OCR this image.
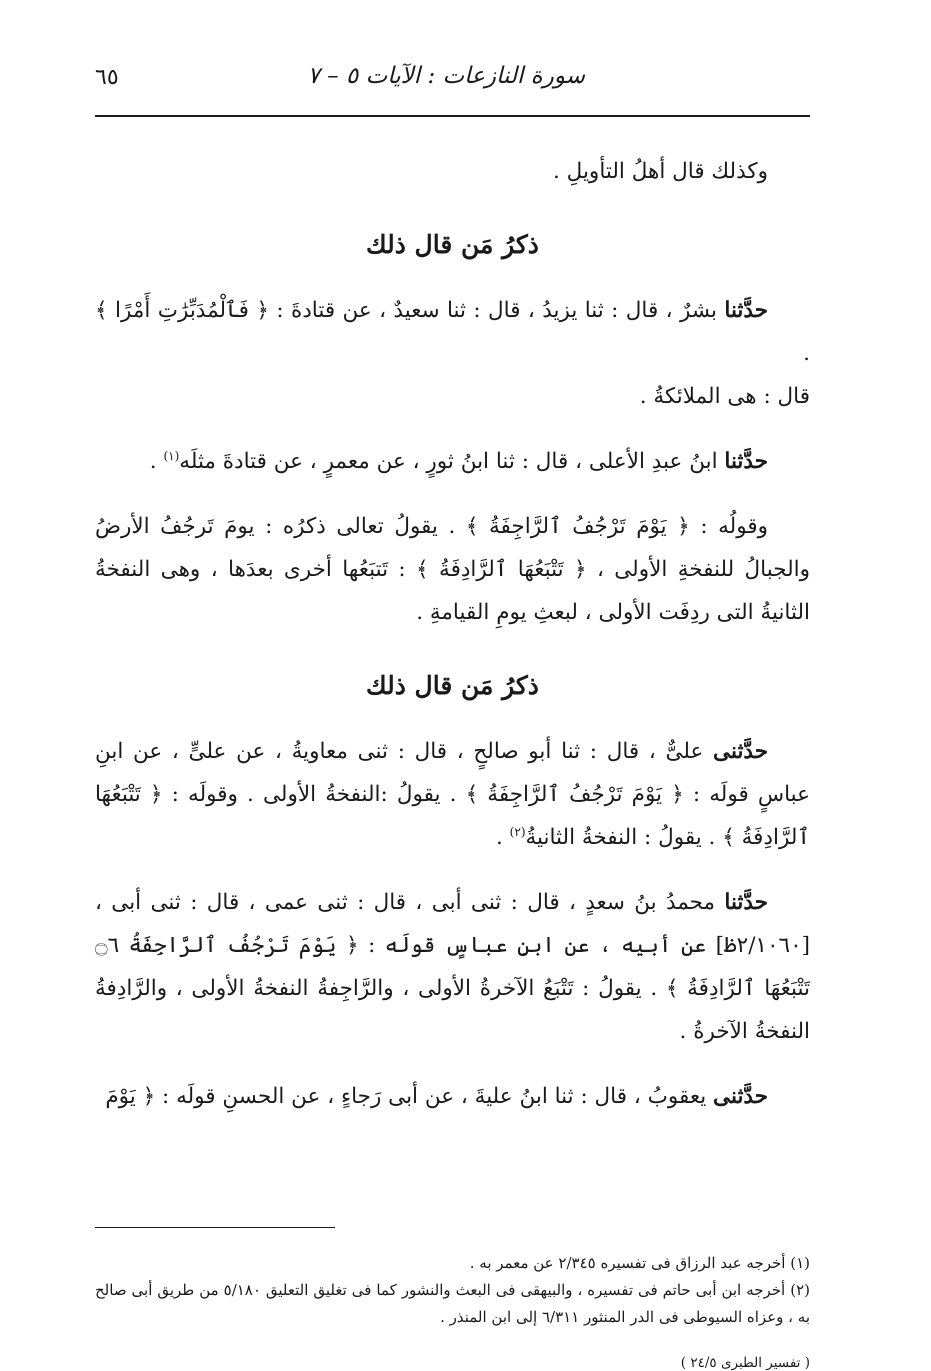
سورة النازعات : الآيات ٥ – ٧
٦٥

وكذلك قال أهلُ التأويلِ .

ذكرُ مَن قال ذلك

حدَّثنا بشرٌ ، قال : ثنا يزيدُ ، قال : ثنا سعيدٌ ، عن قتادةَ : ﴿ فَٱلْمُدَبِّرَٰتِ أَمْرًا ﴾ .

قال : هى الملائكةُ .

حدَّثنا ابنُ عبدِ الأعلى ، قال : ثنا ابنُ ثورٍ ، عن معمرٍ ، عن قتادةَ مثلَه$^{(١)}$ .

وقولُه : ﴿ يَوْمَ تَرْجُفُ ٱلرَّاجِفَةُ ﴾ . يقولُ تعالى ذكرُه : يومَ تَرجُفُ الأرضُ والجبالُ للنفخةِ الأولى ، ﴿ تَتْبَعُهَا ٱلرَّادِفَةُ ﴾ : تَتبَعُها أخرى بعدَها ، وهى النفخةُ الثانيةُ التى ردِفَت الأولى ، لبعثِ يومِ القيامةِ .

ذكرُ مَن قال ذلك

حدَّثنى علىٌّ ، قال : ثنا أبو صالحٍ ، قال : ثنى معاويةُ ، عن علىٍّ ، عن ابنِ عباسٍ قولَه : ﴿ يَوْمَ تَرْجُفُ ٱلرَّاجِفَةُ ﴾ . يقولُ :النفخةُ الأولى . وقولَه : ﴿ تَتْبَعُهَا ٱلرَّادِفَةُ ﴾ . يقولُ : النفخةُ الثانيةُ$^{(٢)}$ .

حدَّثنا محمدُ بنُ سعدٍ ، قال : ثنى أبى ، قال : ثنى عمى ، قال : ثنى أبى ، [٢/١٠٦٠ظ] عن أبيه ، عن ابنِ عباسٍ قولَه : ﴿ يَوْمَ تَرْجُفُ ٱلرَّاجِفَةُ ۝٦ تَتْبَعُهَا ٱلرَّادِفَةُ ﴾ . يقولُ : تَتْبَعُ الآخرةُ الأولى ، والرَّاجِفةُ النفخةُ الأولى ، والرَّادِفةُ النفخةُ الآخرةُ .

حدَّثنى يعقوبُ ، قال : ثنا ابنُ عليةَ ، عن أبى رَجاءٍ ، عن الحسنِ قولَه : ﴿ يَوْمَ

(١) أخرجه عبد الرزاق فى تفسيره ٢/٣٤٥ عن معمر به .

(٢) أخرجه ابن أبى حاتم فى تفسيره ، والبيهقى فى البعث والنشور كما فى تغليق التعليق ٥/١٨٠ من طريق أبى صالح به ، وعزاه السيوطى فى الدر المنثور ٦/٣١١ إلى ابن المنذر .

( تفسير الطبرى ٢٤/٥ )
